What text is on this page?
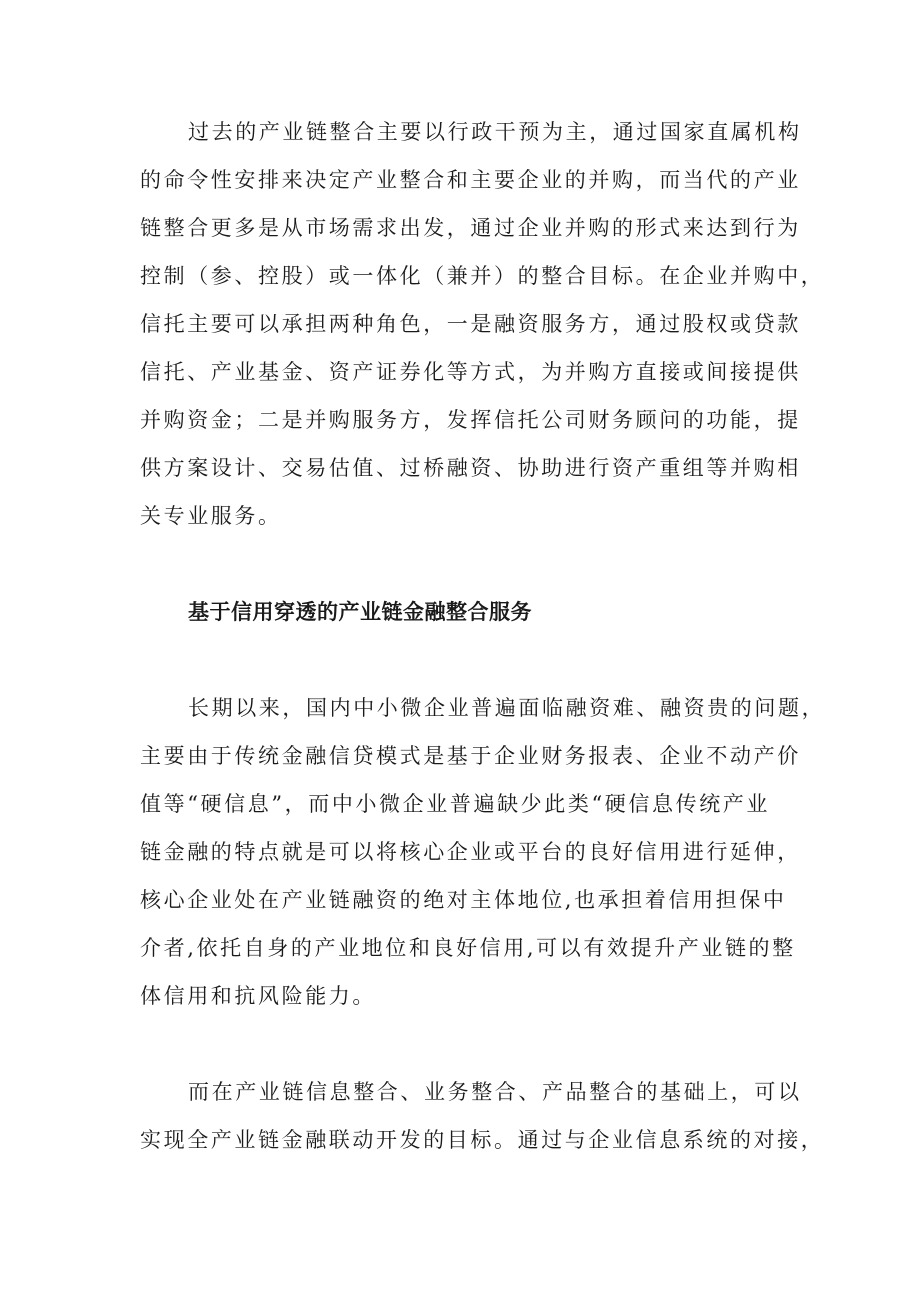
过去的产业链整合主要以行政干预为主，通过国家直属机构
的命令性安排来决定产业整合和主要企业的并购，而当代的产业
链整合更多是从市场需求出发，通过企业并购的形式来达到行为
控制（参、控股）或一体化（兼并）的整合目标。在企业并购中，
信托主要可以承担两种角色，一是融资服务方，通过股权或贷款
信托、产业基金、资产证券化等方式，为并购方直接或间接提供
并购资金；二是并购服务方，发挥信托公司财务顾问的功能，提
供方案设计、交易估值、过桥融资、协助进行资产重组等并购相
关专业服务。
基于信用穿透的产业链金融整合服务
长期以来，国内中小微企业普遍面临融资难、融资贵的问题，
主要由于传统金融信贷模式是基于企业财务报表、企业不动产价
值等“硬信息”，而中小微企业普遍缺少此类“硬信息传统产业
链金融的特点就是可以将核心企业或平台的良好信用进行延伸，
核心企业处在产业链融资的绝对主体地位,也承担着信用担保中
介者,依托自身的产业地位和良好信用,可以有效提升产业链的整
体信用和抗风险能力。
而在产业链信息整合、业务整合、产品整合的基础上，可以
实现全产业链金融联动开发的目标。通过与企业信息系统的对接，
